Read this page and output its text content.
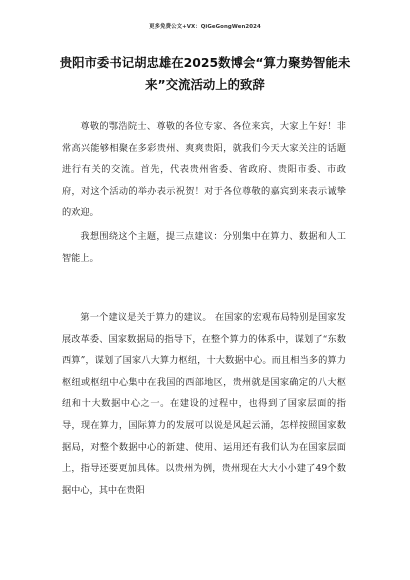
更多免费公文+VX：QiGeGongWen2024
贵阳市委书记胡忠雄在2025数博会“算力聚势智能未来”交流活动上的致辞

尊敬的鄂浩院士、尊敬的各位专家、各位来宾，大家上午好！非常高兴能够相聚在多彩贵州、爽爽贵阳，就我们今天大家关注的话题进行有关的交流。首先，代表贵州省委、省政府、贵阳市委、市政府，对这个活动的举办表示祝贺！对于各位尊敬的嘉宾到来表示诚挚的欢迎。

我想围绕这个主题，提三点建议：分别集中在算力、数据和人工智能上。

第一个建议是关于算力的建议。 在国家的宏观布局特别是国家发展改革委、国家数据局的指导下，在整个算力的体系中，谋划了“东数西算”，谋划了国家八大算力枢纽，十大数据中心。而且相当多的算力枢纽或枢纽中心集中在我国的西部地区，贵州就是国家确定的八大枢纽和十大数据中心之一。在建设的过程中，也得到了国家层面的指导，现在算力，国际算力的发展可以说是风起云涌，怎样按照国家数据局，对整个数据中心的新建、使用、运用还有我们认为在国家层面上，指导还要更加具体。以贵州为例，贵州现在大大小小建了49个数据中心，其中在贵阳
